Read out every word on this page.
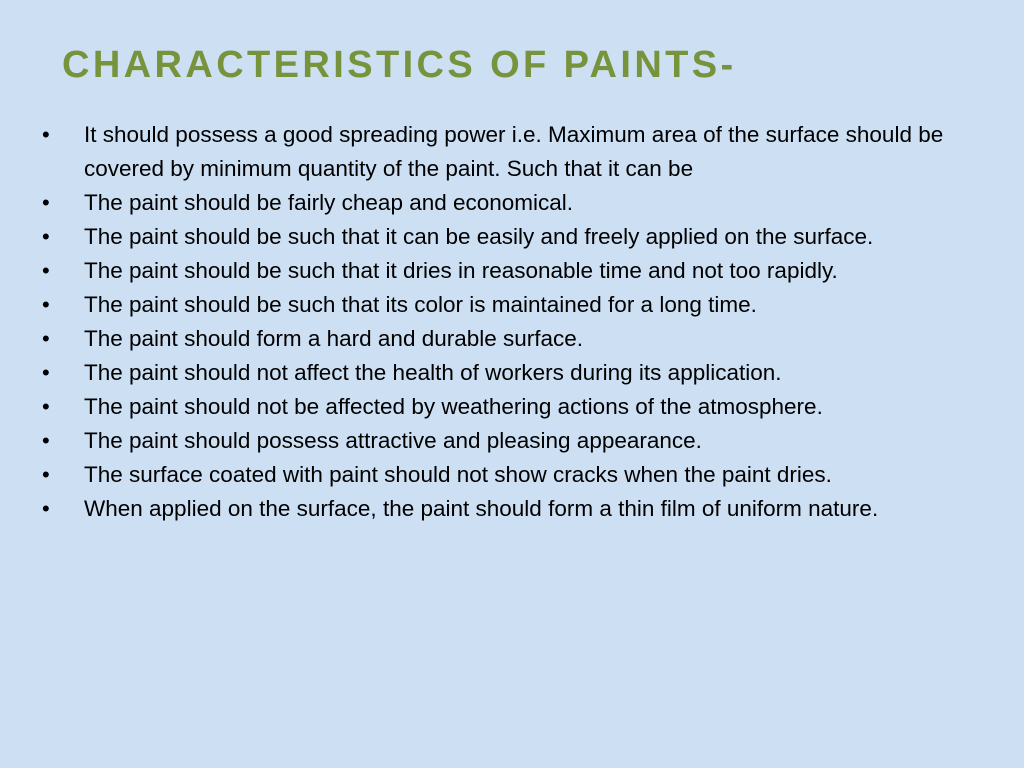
CHARACTERISTICS OF PAINTS-
• It should possess a good spreading power i.e. Maximum area of the surface should be covered by minimum quantity of the paint. Such that it can be
• The paint should be fairly cheap and economical.
• The paint should be such that it can be easily and freely applied on the surface.
• The paint should be such that it dries in reasonable time and not too rapidly.
• The paint should be such that its color is maintained for a long time.
• The paint should form a hard and durable surface.
• The paint should not affect the health of workers during its application.
• The paint should not be affected by weathering actions of the atmosphere.
• The paint should possess attractive and pleasing appearance.
• The surface coated with paint should not show cracks when the paint dries.
• When applied on the surface, the paint should form a thin film of uniform nature.
